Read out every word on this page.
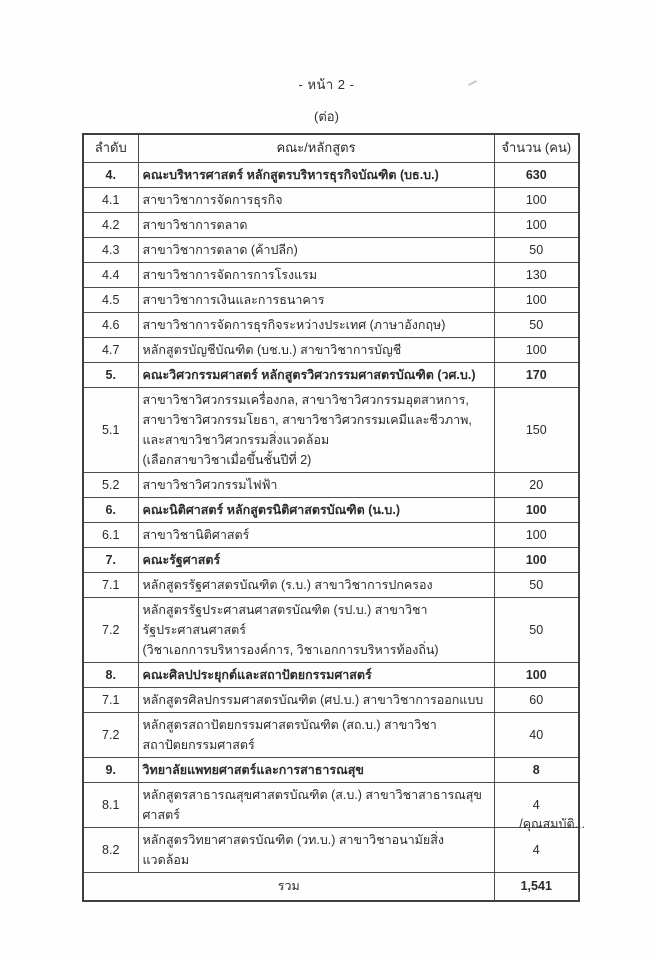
- หน้า 2 -
(ต่อ)
ลำดับ	คณะ/หลักสูตร	จำนวน (คน)
4.	คณะบริหารศาสตร์ หลักสูตรบริหารธุรกิจบัณฑิต (บธ.บ.)	630
4.1	สาขาวิชาการจัดการธุรกิจ	100
4.2	สาขาวิชาการตลาด	100
4.3	สาขาวิชาการตลาด (ค้าปลีก)	50
4.4	สาขาวิชาการจัดการการโรงแรม	130
4.5	สาขาวิชาการเงินและการธนาคาร	100
4.6	สาขาวิชาการจัดการธุรกิจระหว่างประเทศ (ภาษาอังกฤษ)	50
4.7	หลักสูตรบัญชีบัณฑิต (บช.บ.) สาขาวิชาการบัญชี	100
5.	คณะวิศวกรรมศาสตร์ หลักสูตรวิศวกรรมศาสตรบัณฑิต (วศ.บ.)	170
5.1	สาขาวิชาวิศวกรรมเครื่องกล, สาขาวิชาวิศวกรรมอุตสาหการ, สาขาวิชาวิศวกรรมโยธา, สาขาวิชาวิศวกรรมเคมีและชีวภาพ, และสาขาวิชาวิศวกรรมสิ่งแวดล้อม
(เลือกสาขาวิชาเมื่อขึ้นชั้นปีที่ 2)	150
5.2	สาขาวิชาวิศวกรรมไฟฟ้า	20
6.	คณะนิติศาสตร์ หลักสูตรนิติศาสตรบัณฑิต (น.บ.)	100
6.1	สาขาวิชานิติศาสตร์	100
7.	คณะรัฐศาสตร์	100
7.1	หลักสูตรรัฐศาสตรบัณฑิต (ร.บ.) สาขาวิชาการปกครอง	50
7.2	หลักสูตรรัฐประศาสนศาสตรบัณฑิต (รป.บ.) สาขาวิชารัฐประศาสนศาสตร์
(วิชาเอกการบริหารองค์การ, วิชาเอกการบริหารท้องถิ่น)	50
8.	คณะศิลปประยุกต์และสถาปัตยกรรมศาสตร์	100
7.1	หลักสูตรศิลปกรรมศาสตรบัณฑิต (ศป.บ.) สาขาวิชาการออกแบบ	60
7.2	หลักสูตรสถาปัตยกรรมศาสตรบัณฑิต (สถ.บ.) สาขาวิชาสถาปัตยกรรมศาสตร์	40
9.	วิทยาลัยแพทยศาสตร์และการสาธารณสุข	8
8.1	หลักสูตรสาธารณสุขศาสตรบัณฑิต (ส.บ.) สาขาวิชาสาธารณสุขศาสตร์	4
8.2	หลักสูตรวิทยาศาสตรบัณฑิต (วท.บ.) สาขาวิชาอนามัยสิ่งแวดล้อม	4
รวม		1,541
/คุณสมบัติ...
